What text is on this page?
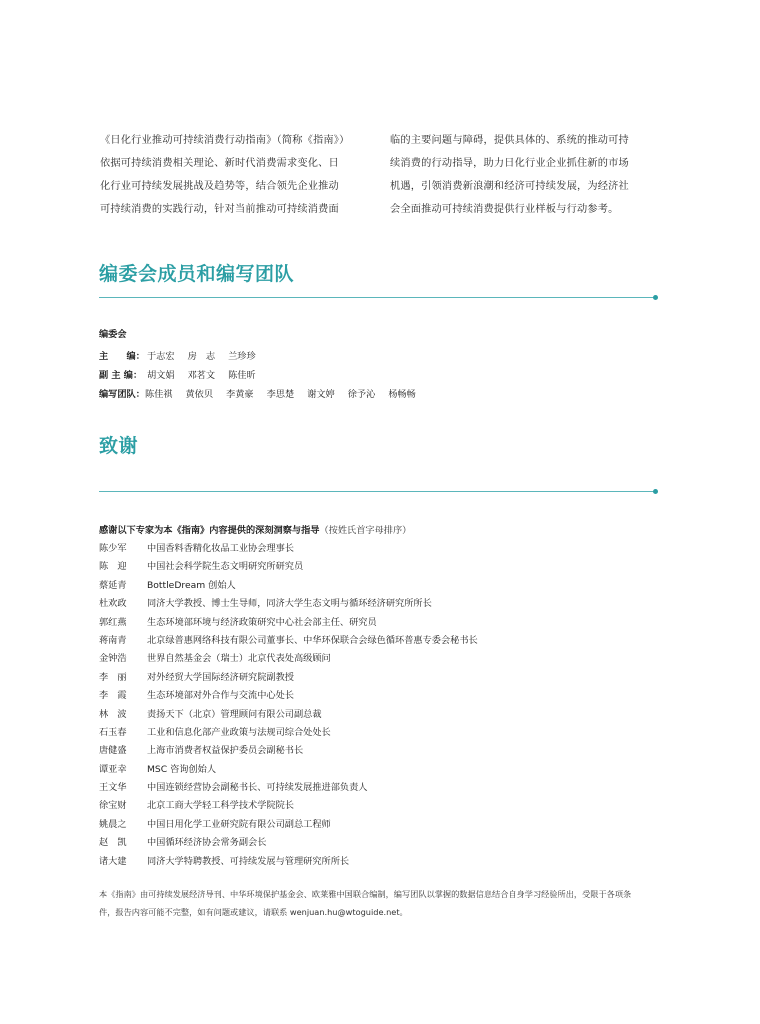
《日化行业推动可持续消费行动指南》（简称《指南》）

依据可持续消费相关理论、新时代消费需求变化、日

化行业可持续发展挑战及趋势等，结合领先企业推动

可持续消费的实践行动，针对当前推动可持续消费面

临的主要问题与障碍，提供具体的、系统的推动可持

续消费的行动指导，助力日化行业企业抓住新的市场

机遇，引领消费新浪潮和经济可持续发展，为经济社

会全面推动可持续消费提供行业样板与行动参考。

编委会成员和编写团队
编委会
主　　编： 于志宏 房　志 兰珍珍
副 主 编： 胡文娟 邓茗文 陈佳昕
编写团队： 陈佳祺 黄依贝 李黄豪 李思楚 谢文婷 徐予沁 杨畅畅
致谢

感谢以下专家为本《指南》内容提供的深刻洞察与指导（按姓氏首字母排序）

陈少军	中国香料香精化妆品工业协会理事长
陈　迎	中国社会科学院生态文明研究所研究员
蔡延青	BottleDream 创始人
杜欢政	同济大学教授、博士生导师，同济大学生态文明与循环经济研究所所长
郭红燕	生态环境部环境与经济政策研究中心社会部主任、研究员
蒋南青	北京绿普惠网络科技有限公司董事长、中华环保联合会绿色循环普惠专委会秘书长
金钟浩	世界自然基金会（瑞士）北京代表处高级顾问
李　丽	对外经贸大学国际经济研究院副教授
李　霞	生态环境部对外合作与交流中心处长
林　波	责扬天下（北京）管理顾问有限公司副总裁
石玉春	工业和信息化部产业政策与法规司综合处处长
唐健盛	上海市消费者权益保护委员会副秘书长
谭亚幸	MSC 咨询创始人
王文华	中国连锁经营协会副秘书长、可持续发展推进部负责人
徐宝财	北京工商大学轻工科学技术学院院长
姚晨之	中国日用化学工业研究院有限公司副总工程师
赵　凯	中国循环经济协会常务副会长
诸大建	同济大学特聘教授、可持续发展与管理研究所所长

本《指南》由可持续发展经济导刊、中华环境保护基金会、欧莱雅中国联合编制，编写团队以掌握的数据信息结合自身学习经验所出，受限于各项条
件，报告内容可能不完整，如有问题或建议，请联系 wenjuan.hu@wtoguide.net。
